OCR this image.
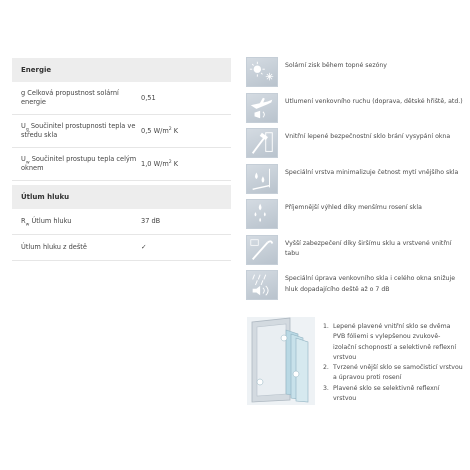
Energie
g Celková propustnost solární energie
0,51
$U_g$ Součinitel prostupnosti tepla ve středu skla
0,5 $W/m^2$ K
$U_w$ Součinitel prostupu tepla celým oknem
1,0 $W/m^2$ K
Útlum hluku
$R_w$ Útlum hluku	37 dB
Útlum hluku z deště	✓
Solární zisk během topné sezóny
Utlumení venkovního ruchu (doprava, dětské hřiště, atd.)
Vnitřní lepené bezpečnostní sklo brání vysypání okna
Speciální vrstva minimalizuje četnost mytí vnějšího skla
Příjemnější výhled díky menšímu rosení skla
Vyšší zabezpečení díky širšímu sklu a vrstvené vnitřní tabu
Speciální úprava venkovního skla i celého okna snižuje hluk dopadajícího deště až o 7 dB
1. Lepené plavené vnitřní sklo se dvěma PVB fóliemi s vylepšenou zvukově-izolační schopností a selektivně reflexní vrstvou
2. Tvrzené vnější sklo se samočisticí vrstvou a úpravou proti rosení
3. Plavené sklo se selektivně reflexní vrstvou
